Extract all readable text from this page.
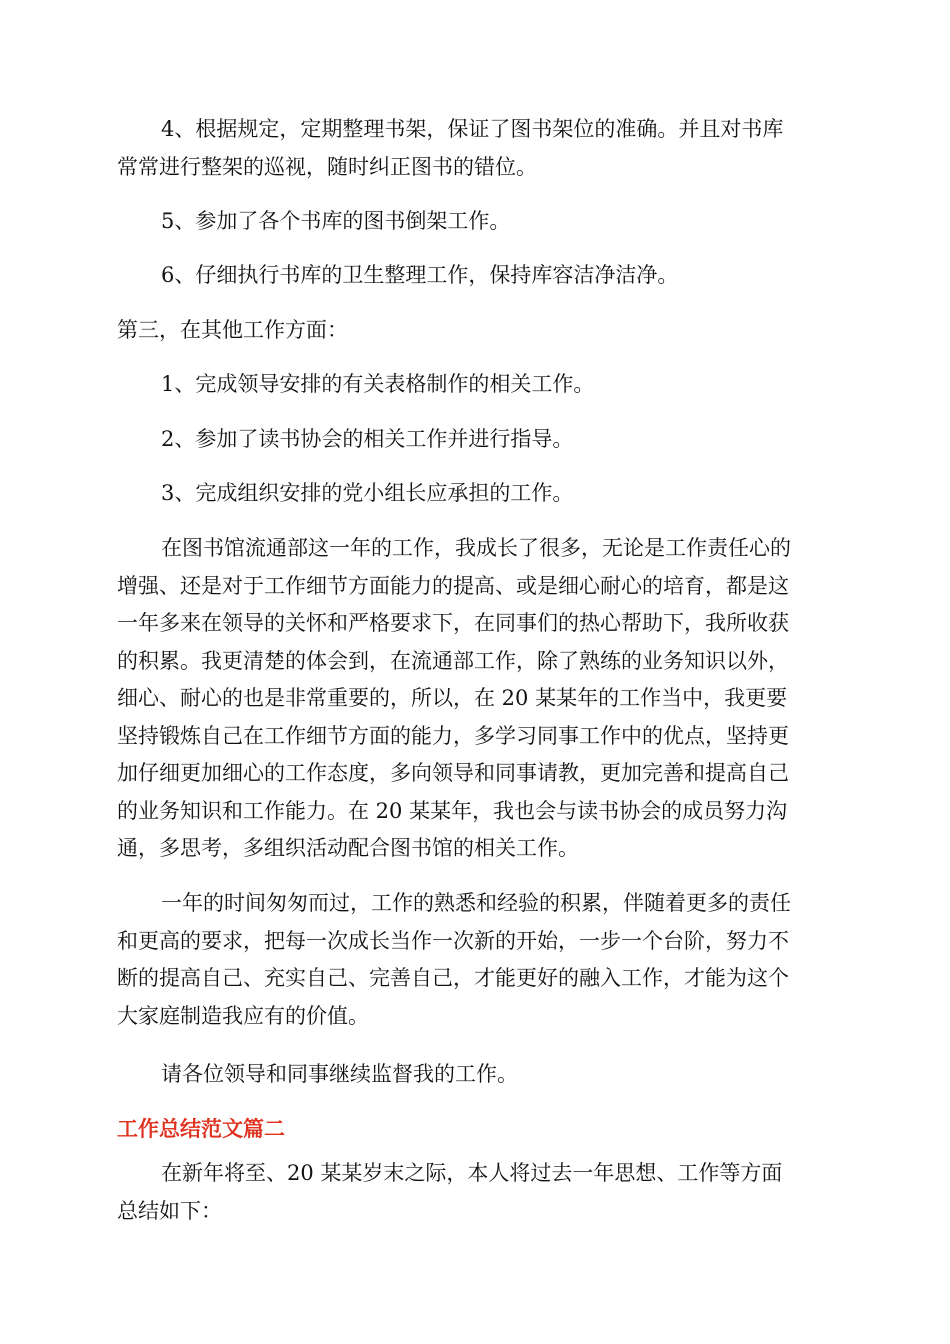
4、根据规定，定期整理书架，保证了图书架位的准确。并且对书库
常常进行整架的巡视，随时纠正图书的错位。

5、参加了各个书库的图书倒架工作。

6、仔细执行书库的卫生整理工作，保持库容洁净洁净。

第三，在其他工作方面：

1、完成领导安排的有关表格制作的相关工作。

2、参加了读书协会的相关工作并进行指导。

3、完成组织安排的党小组长应承担的工作。

在图书馆流通部这一年的工作，我成长了很多，无论是工作责任心的
增强、还是对于工作细节方面能力的提高、或是细心耐心的培育，都是这
一年多来在领导的关怀和严格要求下，在同事们的热心帮助下，我所收获
的积累。我更清楚的体会到，在流通部工作，除了熟练的业务知识以外，
细心、耐心的也是非常重要的，所以，在 20 某某年的工作当中，我更要
坚持锻炼自己在工作细节方面的能力，多学习同事工作中的优点，坚持更
加仔细更加细心的工作态度，多向领导和同事请教，更加完善和提高自己
的业务知识和工作能力。在 20 某某年，我也会与读书协会的成员努力沟
通，多思考，多组织活动配合图书馆的相关工作。

一年的时间匆匆而过，工作的熟悉和经验的积累，伴随着更多的责任
和更高的要求，把每一次成长当作一次新的开始，一步一个台阶，努力不
断的提高自己、充实自己、完善自己，才能更好的融入工作，才能为这个
大家庭制造我应有的价值。

请各位领导和同事继续监督我的工作。

工作总结范文篇二

在新年将至、20 某某岁末之际，本人将过去一年思想、工作等方面
总结如下：
